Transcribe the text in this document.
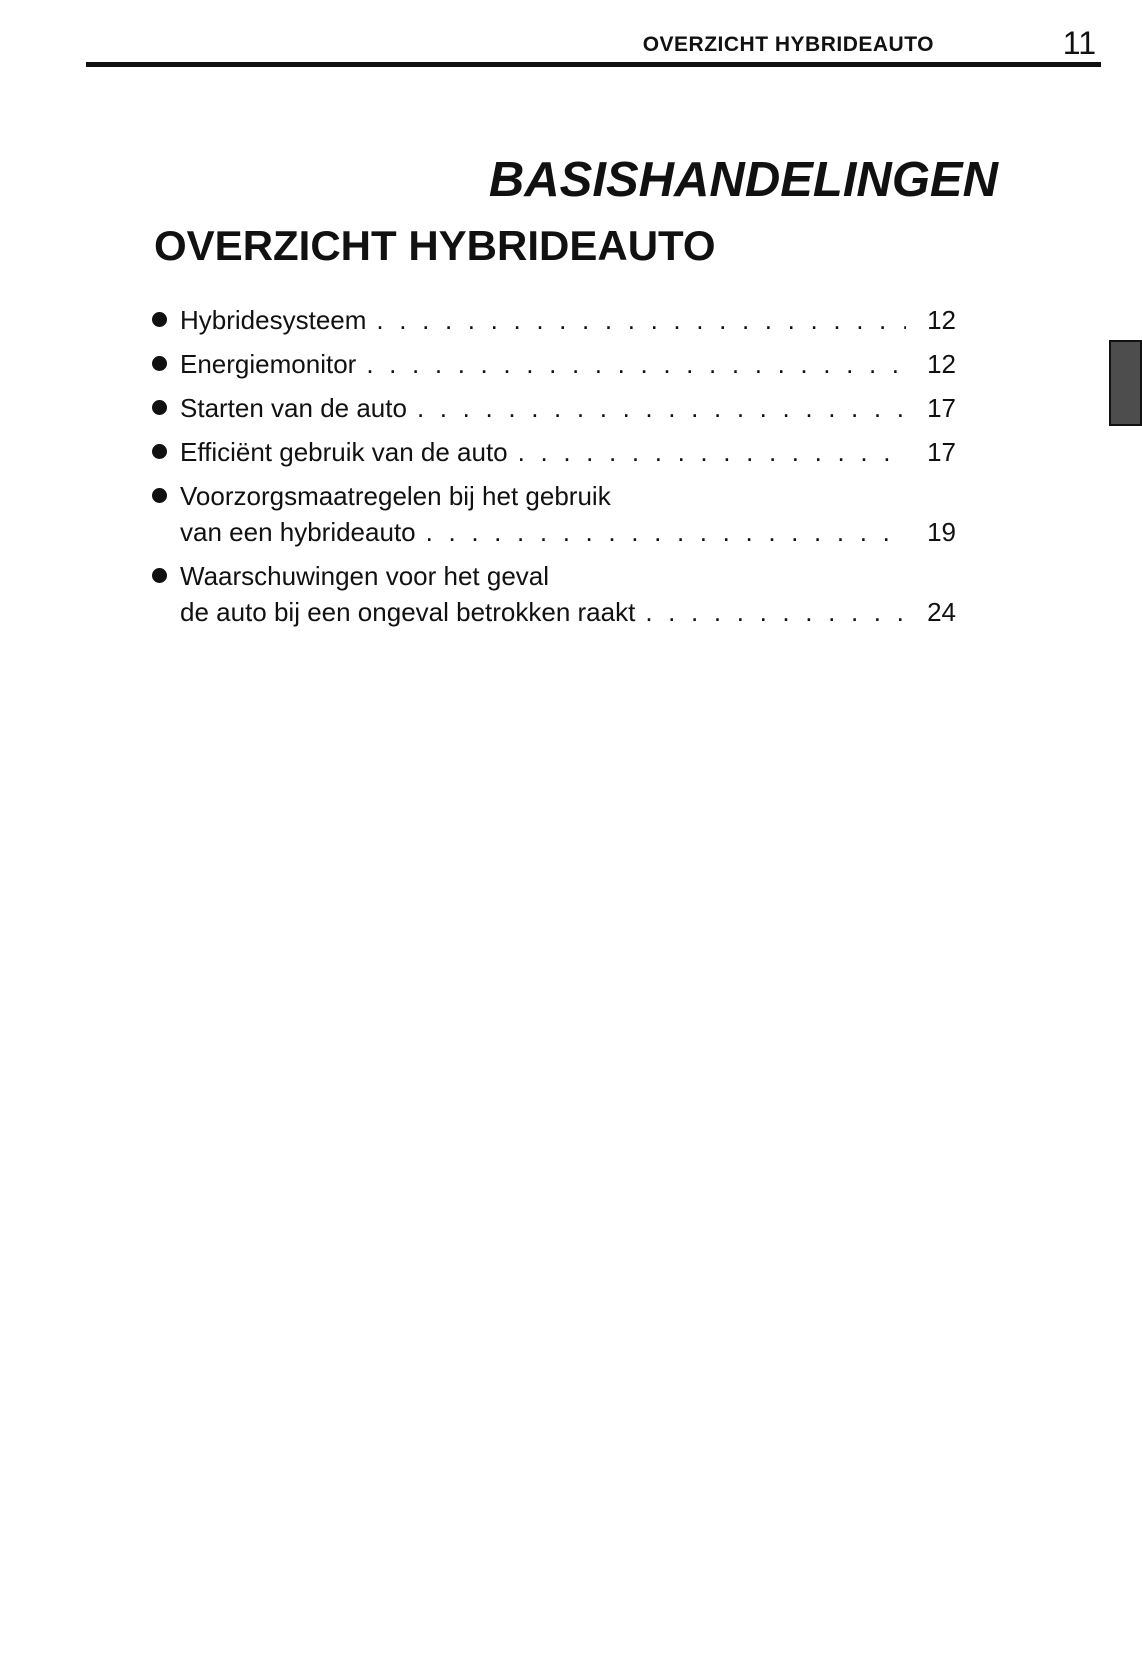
OVERZICHT HYBRIDEAUTO	11
BASISHANDELINGEN
OVERZICHT HYBRIDEAUTO
Hybridesysteem . . .	12
Energiemonitor . . .	12
Starten van de auto . . .	17
Efficiënt gebruik van de auto . . .	17
Voorzorgsmaatregelen bij het gebruik
van een hybrideauto . . .	19
Waarschuwingen voor het geval
de auto bij een ongeval betrokken raakt . . .	24
